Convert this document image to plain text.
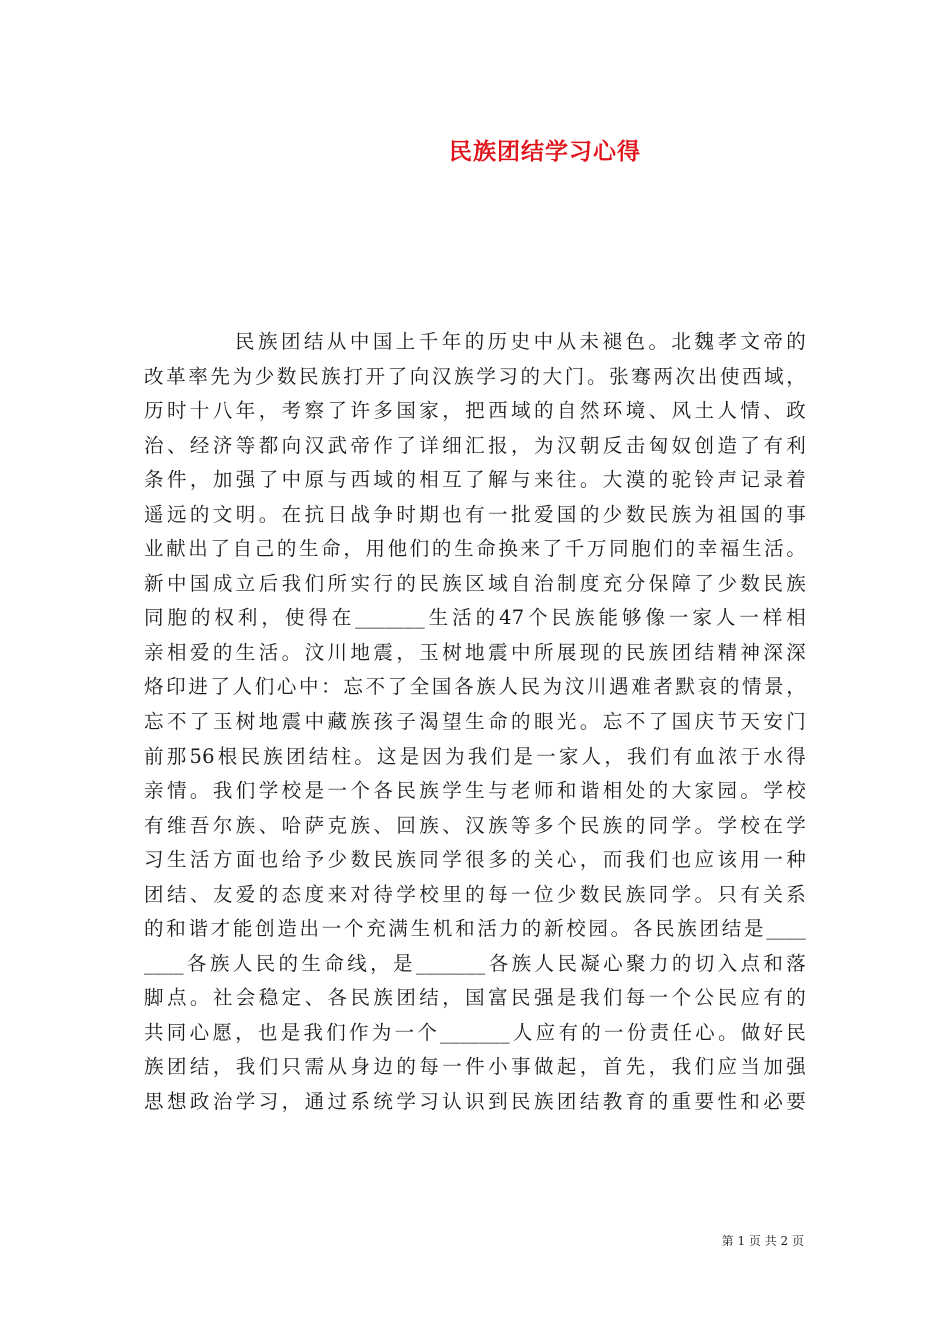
民族团结学习心得
民族团结从中国上千年的历史中从未褪色。北魏孝文帝的
改革率先为少数民族打开了向汉族学习的大门。张骞两次出使西域，
历时十八年，考察了许多国家，把西域的自然环境、风土人情、政
治、经济等都向汉武帝作了详细汇报，为汉朝反击匈奴创造了有利
条件，加强了中原与西域的相互了解与来往。大漠的驼铃声记录着
遥远的文明。在抗日战争时期也有一批爱国的少数民族为祖国的事
业献出了自己的生命，用他们的生命换来了千万同胞们的幸福生活。
新中国成立后我们所实行的民族区域自治制度充分保障了少数民族
同胞的权利，使得在_______生活的47个民族能够像一家人一样相
亲相爱的生活。汶川地震，玉树地震中所展现的民族团结精神深深
烙印进了人们心中：忘不了全国各族人民为汶川遇难者默哀的情景，
忘不了玉树地震中藏族孩子渴望生命的眼光。忘不了国庆节天安门
前那56根民族团结柱。这是因为我们是一家人，我们有血浓于水得
亲情。我们学校是一个各民族学生与老师和谐相处的大家园。学校
有维吾尔族、哈萨克族、回族、汉族等多个民族的同学。学校在学
习生活方面也给予少数民族同学很多的关心，而我们也应该用一种
团结、友爱的态度来对待学校里的每一位少数民族同学。只有关系
的和谐才能创造出一个充满生机和活力的新校园。各民族团结是____
____各族人民的生命线，是_______各族人民凝心聚力的切入点和落
脚点。社会稳定、各民族团结，国富民强是我们每一个公民应有的
共同心愿，也是我们作为一个_______人应有的一份责任心。做好民
族团结，我们只需从身边的每一件小事做起，首先，我们应当加强
思想政治学习，通过系统学习认识到民族团结教育的重要性和必要
第 1 页 共 2 页
